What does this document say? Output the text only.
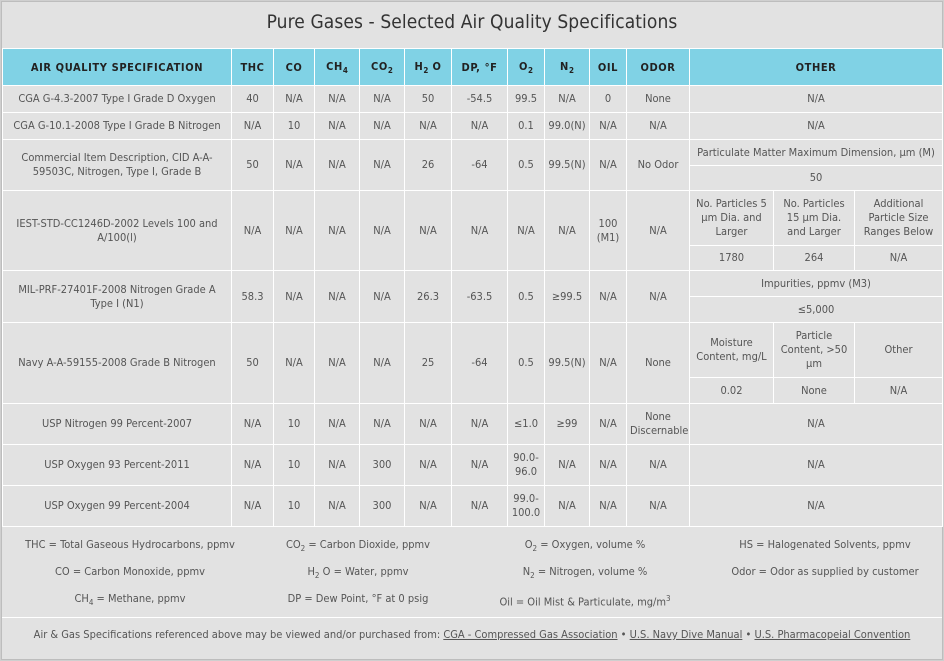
Pure Gases - Selected Air Quality Specifications
AIR QUALITY SPECIFICATION	THC	CO	$CH_4$	$CO_2$	$H_2$ O	DP, °F	$O_2$	$N_2$	OIL	ODOR	OTHER		
CGA G-4.3-2007 Type I Grade D Oxygen	40	N/A	N/A	N/A	50	-54.5	99.5	N/A	0	None	N/A		
CGA G-10.1-2008 Type I Grade B Nitrogen	N/A	10	N/A	N/A	N/A	N/A	0.1	99.0(N)	N/A	N/A	N/A		
Commercial Item Description, CID A-A-59503C, Nitrogen, Type I, Grade B	50	N/A	N/A	N/A	26	-64	0.5	99.5(N)	N/A	No Odor	Particulate Matter Maximum Dimension, µm (M)		
											50		
IEST-STD-CC1246D-2002 Levels 100 and A/100(l)	N/A	N/A	N/A	N/A	N/A	N/A	N/A	N/A	100 (M1)	N/A	No. Particles 5 µm Dia. and Larger	No. Particles 15 µm Dia. and Larger	Additional Particle Size Ranges Below
											1780	264	N/A
MIL-PRF-27401F-2008 Nitrogen Grade A Type I (N1)	58.3	N/A	N/A	N/A	26.3	-63.5	0.5	≥99.5	N/A	N/A	Impurities, ppmv (M3)		
											≤5,000		
Navy A-A-59155-2008 Grade B Nitrogen	50	N/A	N/A	N/A	25	-64	0.5	99.5(N)	N/A	None	Moisture Content, mg/L	Particle Content, >50 µm	Other
											0.02	None	N/A
USP Nitrogen 99 Percent-2007	N/A	10	N/A	N/A	N/A	N/A	≤1.0	≥99	N/A	None Discernable	N/A		
USP Oxygen 93 Percent-2011	N/A	10	N/A	300	N/A	N/A	90.0-96.0	N/A	N/A	N/A	N/A		
USP Oxygen 99 Percent-2004	N/A	10	N/A	300	N/A	N/A	99.0-100.0	N/A	N/A	N/A	N/A		
THC = Total Gaseous Hydrocarbons, ppmv	$CO_2$ = Carbon Dioxide, ppmv	$O_2$ = Oxygen, volume %	HS = Halogenated Solvents, ppmv
CO = Carbon Monoxide, ppmv	$H_2$ O = Water, ppmv	$N_2$ = Nitrogen, volume %	Odor = Odor as supplied by customer
$CH_4$ = Methane, ppmv	DP = Dew Point, °F at 0 psig	Oil = Oil Mist & Particulate, $mg/m^3$
Air & Gas Specifications referenced above may be viewed and/or purchased from: CGA - Compressed Gas Association • U.S. Navy Dive Manual • U.S. Pharmacopeial Convention
